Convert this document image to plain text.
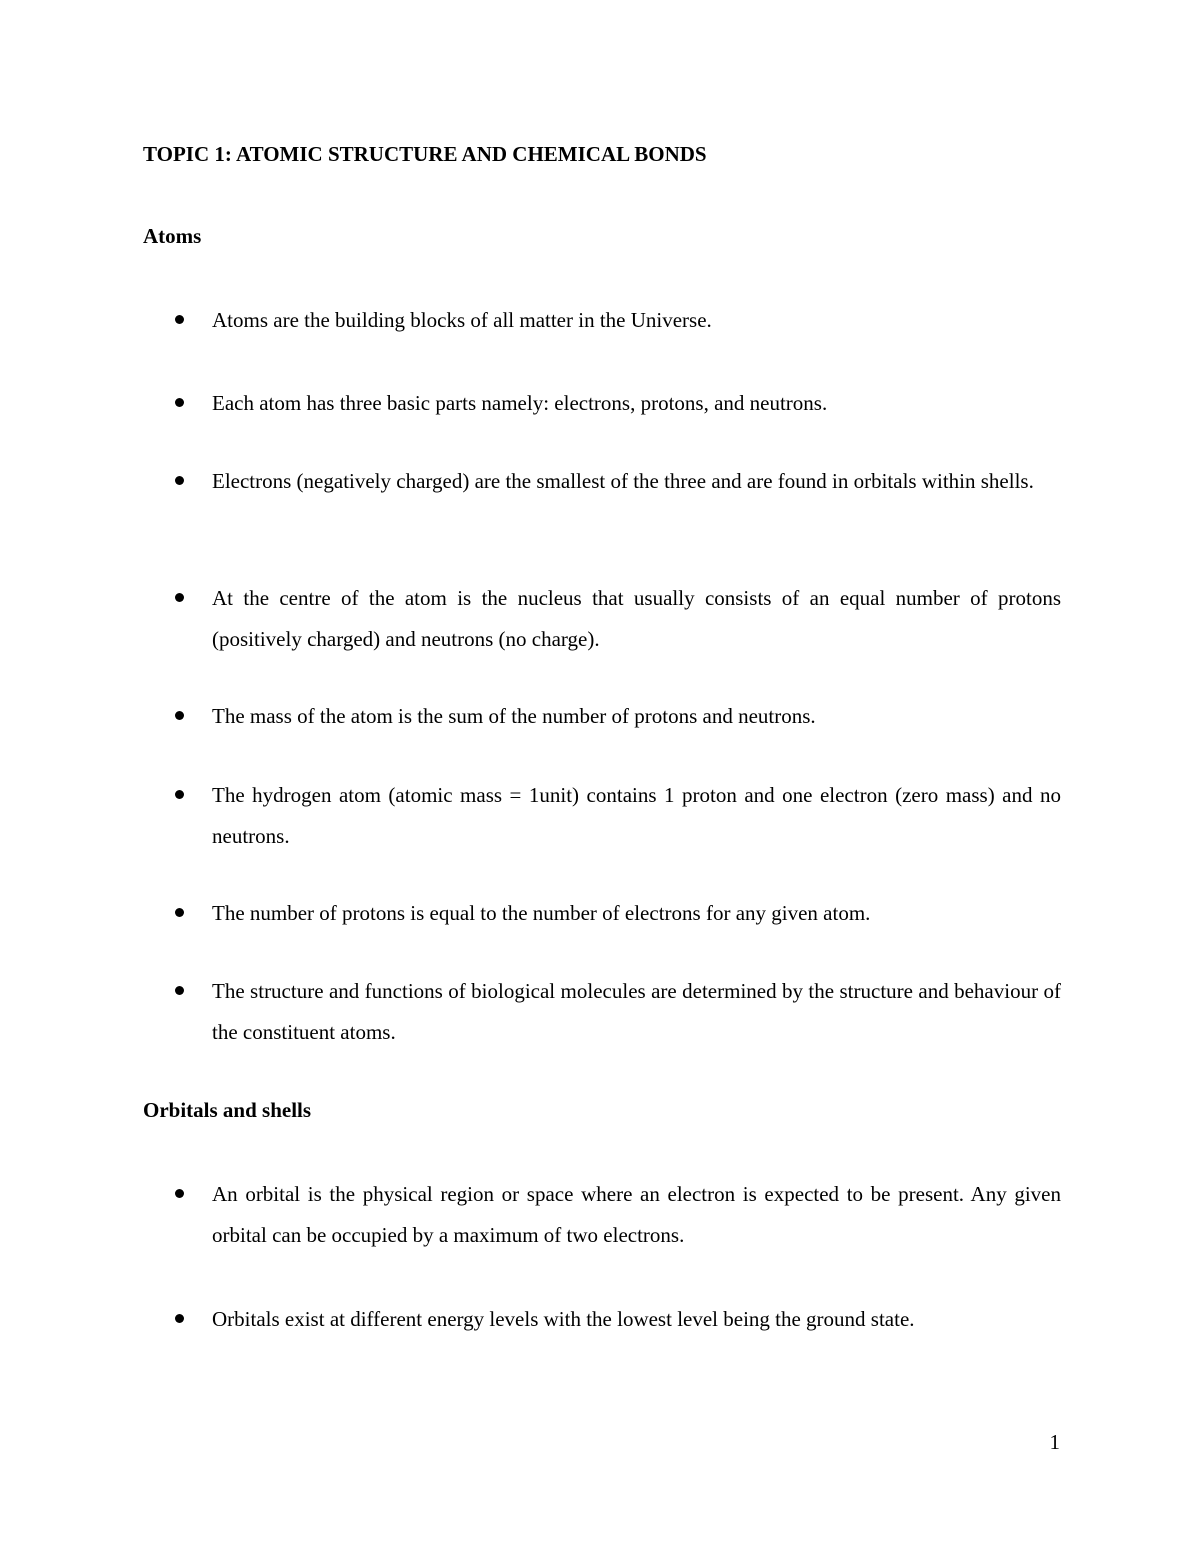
TOPIC 1: ATOMIC STRUCTURE AND CHEMICAL BONDS
Atoms
Atoms are the building blocks of all matter in the Universe.
Each atom has three basic parts namely: electrons, protons, and neutrons.
Electrons (negatively charged) are the smallest of the three and are found in orbitals within shells.
At the centre of the atom is the nucleus that usually consists of an equal number of protons (positively charged) and neutrons (no charge).
The mass of the atom is the sum of the number of protons and neutrons.
The hydrogen atom (atomic mass = 1unit) contains 1 proton and one electron (zero mass) and no neutrons.
The number of protons is equal to the number of electrons for any given atom.
The structure and functions of biological molecules are determined by the structure and behaviour of the constituent atoms.
Orbitals and shells
An orbital is the physical region or space where an electron is expected to be present. Any given orbital can be occupied by a maximum of two electrons.
Orbitals exist at different energy levels with the lowest level being the ground state.
1
